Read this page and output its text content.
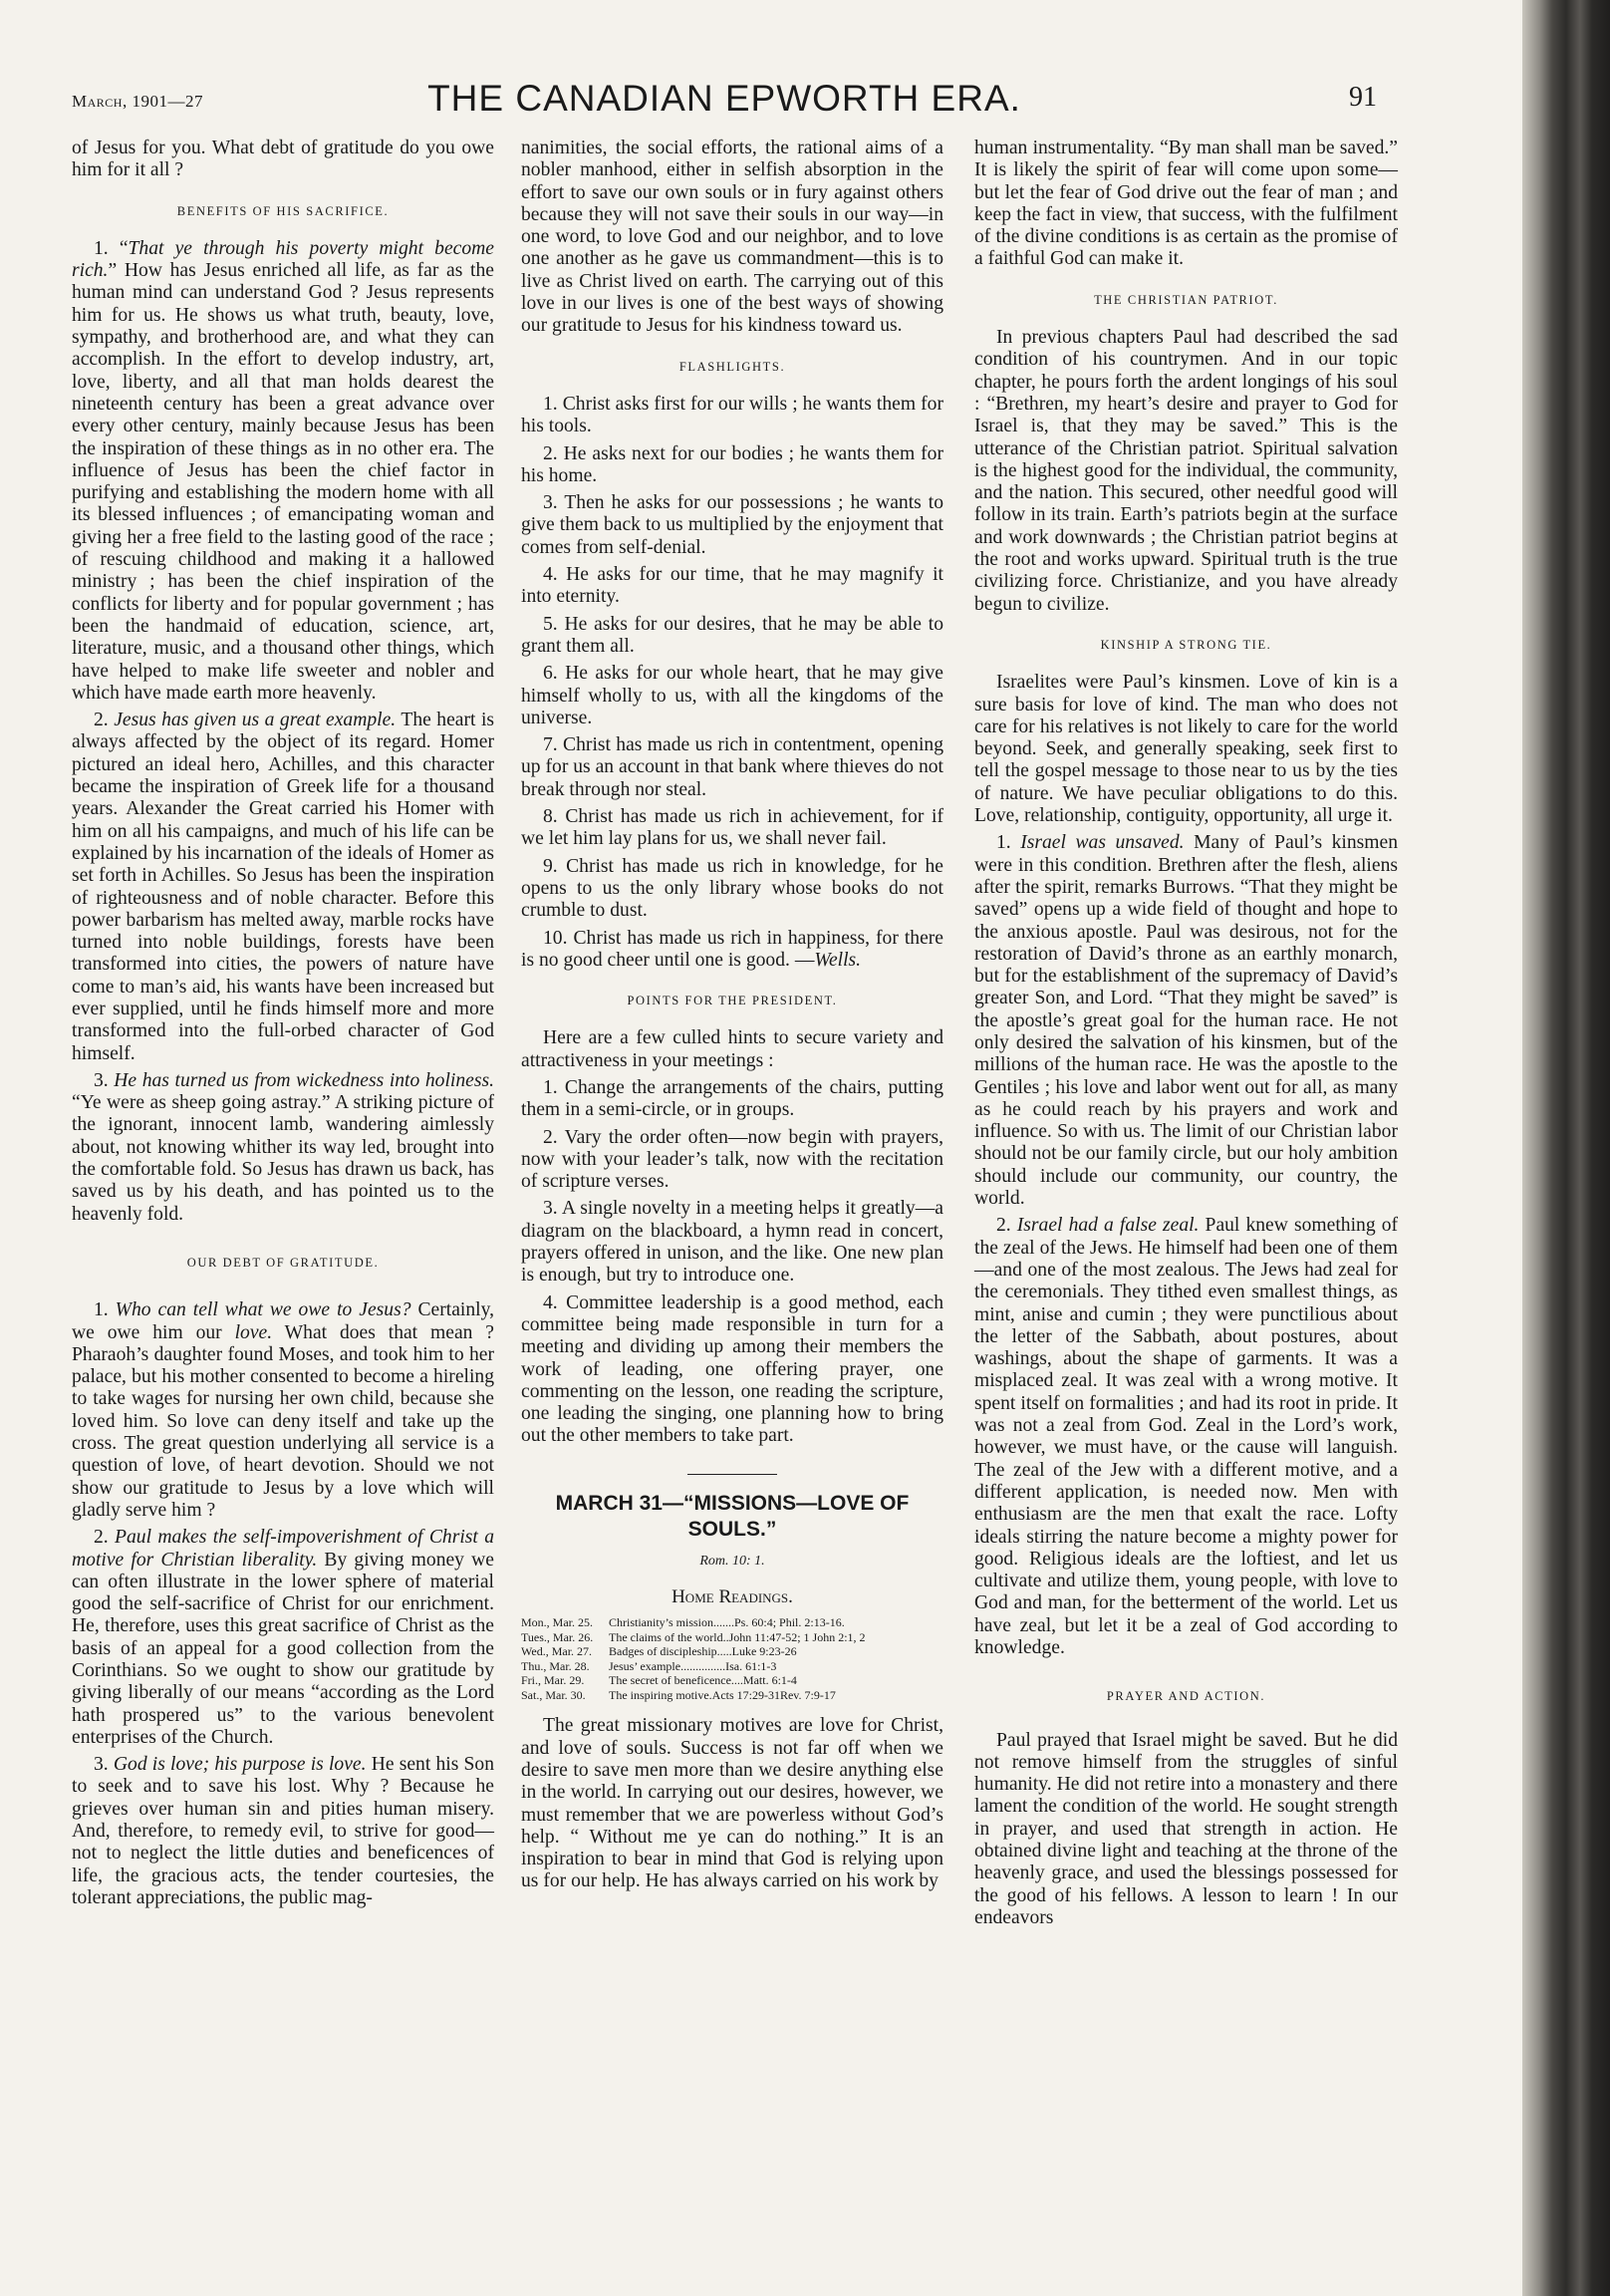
March, 1901—27	THE CANADIAN EPWORTH ERA.	91

of Jesus for you. What debt of gratitude do you owe him for it all ?

BENEFITS OF HIS SACRIFICE.

1. “That ye through his poverty might become rich.” How has Jesus enriched all life, as far as the human mind can understand God ? Jesus represents him for us. He shows us what truth, beauty, love, sympathy, and brotherhood are, and what they can accomplish. In the effort to develop industry, art, love, liberty, and all that man holds dearest the nineteenth century has been a great advance over every other century, mainly because Jesus has been the inspiration of these things as in no other era. The influence of Jesus has been the chief factor in purifying and establishing the modern home with all its blessed influences ; of emancipating woman and giving her a free field to the lasting good of the race ; of rescuing childhood and making it a hallowed ministry ; has been the chief inspiration of the conflicts for liberty and for popular government ; has been the handmaid of education, science, art, literature, music, and a thousand other things, which have helped to make life sweeter and nobler and which have made earth more heavenly.

2. Jesus has given us a great example. The heart is always affected by the object of its regard. Homer pictured an ideal hero, Achilles, and this character became the inspiration of Greek life for a thousand years. Alexander the Great carried his Homer with him on all his campaigns, and much of his life can be explained by his incarnation of the ideals of Homer as set forth in Achilles. So Jesus has been the inspiration of righteousness and of noble character. Before this power barbarism has melted away, marble rocks have turned into noble buildings, forests have been transformed into cities, the powers of nature have come to man’s aid, his wants have been increased but ever supplied, until he finds himself more and more transformed into the full-orbed character of God himself.

3. He has turned us from wickedness into holiness. “Ye were as sheep going astray.” A striking picture of the ignorant, innocent lamb, wandering aimlessly about, not knowing whither its way led, brought into the comfortable fold. So Jesus has drawn us back, has saved us by his death, and has pointed us to the heavenly fold.

OUR DEBT OF GRATITUDE.

1. Who can tell what we owe to Jesus? Certainly, we owe him our love. What does that mean ? Pharaoh’s daughter found Moses, and took him to her palace, but his mother consented to become a hireling to take wages for nursing her own child, because she loved him. So love can deny itself and take up the cross. The great question underlying all service is a question of love, of heart devotion. Should we not show our gratitude to Jesus by a love which will gladly serve him ?

2. Paul makes the self-impoverishment of Christ a motive for Christian liberality. By giving money we can often illustrate in the lower sphere of material good the self-sacrifice of Christ for our enrichment. He, therefore, uses this great sacrifice of Christ as the basis of an appeal for a good collection from the Corinthians. So we ought to show our gratitude by giving liberally of our means “according as the Lord hath prospered us” to the various benevolent enterprises of the Church.

3. God is love; his purpose is love. He sent his Son to seek and to save his lost. Why ? Because he grieves over human sin and pities human misery. And, therefore, to remedy evil, to strive for good—not to neglect the little duties and beneficences of life, the gracious acts, the tender courtesies, the tolerant appreciations, the public mag-

nanimities, the social efforts, the rational aims of a nobler manhood, either in selfish absorption in the effort to save our own souls or in fury against others because they will not save their souls in our way—in one word, to love God and our neighbor, and to love one another as he gave us commandment—this is to live as Christ lived on earth. The carrying out of this love in our lives is one of the best ways of showing our gratitude to Jesus for his kindness toward us.

FLASHLIGHTS.

1. Christ asks first for our wills ; he wants them for his tools.

2. He asks next for our bodies ; he wants them for his home.

3. Then he asks for our possessions ; he wants to give them back to us multiplied by the enjoyment that comes from self-denial.

4. He asks for our time, that he may magnify it into eternity.

5. He asks for our desires, that he may be able to grant them all.

6. He asks for our whole heart, that he may give himself wholly to us, with all the kingdoms of the universe.

7. Christ has made us rich in contentment, opening up for us an account in that bank where thieves do not break through nor steal.

8. Christ has made us rich in achievement, for if we let him lay plans for us, we shall never fail.

9. Christ has made us rich in knowledge, for he opens to us the only library whose books do not crumble to dust.

10. Christ has made us rich in happiness, for there is no good cheer until one is good. —Wells.

POINTS FOR THE PRESIDENT.

Here are a few culled hints to secure variety and attractiveness in your meetings :

1. Change the arrangements of the chairs, putting them in a semi-circle, or in groups.

2. Vary the order often—now begin with prayers, now with your leader’s talk, now with the recitation of scripture verses.

3. A single novelty in a meeting helps it greatly—a diagram on the blackboard, a hymn read in concert, prayers offered in unison, and the like. One new plan is enough, but try to introduce one.

4. Committee leadership is a good method, each committee being made responsible in turn for a meeting and dividing up among their members the work of leading, one offering prayer, one commenting on the lesson, one reading the scripture, one leading the singing, one planning how to bring out the other members to take part.

MARCH 31—“MISSIONS—LOVE OF SOULS.”
Rom. 10: 1.
Home Readings.
Mon., Mar. 25.	Christianity’s mission.......Ps. 60:4; Phil. 2:13-16.
Tues., Mar. 26.	The claims of the world..John 11:47-52; 1 John 2:1, 2
Wed., Mar. 27.	Badges of discipleship.....Luke 9:23-26
Thu., Mar. 28.	Jesus’ example...............Isa. 61:1-3
Fri., Mar. 29.	The secret of beneficence....Matt. 6:1-4
Sat., Mar. 30.	The inspiring motive.Acts 17:29-31Rev. 7:9-17

The great missionary motives are love for Christ, and love of souls. Success is not far off when we desire to save men more than we desire anything else in the world. In carrying out our desires, however, we must remember that we are powerless without God’s help. “ Without me ye can do nothing.” It is an inspiration to bear in mind that God is relying upon us for our help. He has always carried on his work by

human instrumentality. “By man shall man be saved.” It is likely the spirit of fear will come upon some—but let the fear of God drive out the fear of man ; and keep the fact in view, that success, with the fulfilment of the divine conditions is as certain as the promise of a faithful God can make it.

THE CHRISTIAN PATRIOT.

In previous chapters Paul had described the sad condition of his countrymen. And in our topic chapter, he pours forth the ardent longings of his soul : “Brethren, my heart’s desire and prayer to God for Israel is, that they may be saved.” This is the utterance of the Christian patriot. Spiritual salvation is the highest good for the individual, the community, and the nation. This secured, other needful good will follow in its train. Earth’s patriots begin at the surface and work downwards ; the Christian patriot begins at the root and works upward. Spiritual truth is the true civilizing force. Christianize, and you have already begun to civilize.

KINSHIP A STRONG TIE.

Israelites were Paul’s kinsmen. Love of kin is a sure basis for love of kind. The man who does not care for his relatives is not likely to care for the world beyond. Seek, and generally speaking, seek first to tell the gospel message to those near to us by the ties of nature. We have peculiar obligations to do this. Love, relationship, contiguity, opportunity, all urge it.

1. Israel was unsaved. Many of Paul’s kinsmen were in this condition. Brethren after the flesh, aliens after the spirit, remarks Burrows. “That they might be saved” opens up a wide field of thought and hope to the anxious apostle. Paul was desirous, not for the restoration of David’s throne as an earthly monarch, but for the establishment of the supremacy of David’s greater Son, and Lord. “That they might be saved” is the apostle’s great goal for the human race. He not only desired the salvation of his kinsmen, but of the millions of the human race. He was the apostle to the Gentiles ; his love and labor went out for all, as many as he could reach by his prayers and work and influence. So with us. The limit of our Christian labor should not be our family circle, but our holy ambition should include our community, our country, the world.

2. Israel had a false zeal. Paul knew something of the zeal of the Jews. He himself had been one of them—and one of the most zealous. The Jews had zeal for the ceremonials. They tithed even smallest things, as mint, anise and cumin ; they were punctilious about the letter of the Sabbath, about postures, about washings, about the shape of garments. It was a misplaced zeal. It was zeal with a wrong motive. It spent itself on formalities ; and had its root in pride. It was not a zeal from God. Zeal in the Lord’s work, however, we must have, or the cause will languish. The zeal of the Jew with a different motive, and a different application, is needed now. Men with enthusiasm are the men that exalt the race. Lofty ideals stirring the nature become a mighty power for good. Religious ideals are the loftiest, and let us cultivate and utilize them, young people, with love to God and man, for the betterment of the world. Let us have zeal, but let it be a zeal of God according to knowledge.

PRAYER AND ACTION.

Paul prayed that Israel might be saved. But he did not remove himself from the struggles of sinful humanity. He did not retire into a monastery and there lament the condition of the world. He sought strength in prayer, and used that strength in action. He obtained divine light and teaching at the throne of the heavenly grace, and used the blessings possessed for the good of his fellows. A lesson to learn ! In our endeavors
